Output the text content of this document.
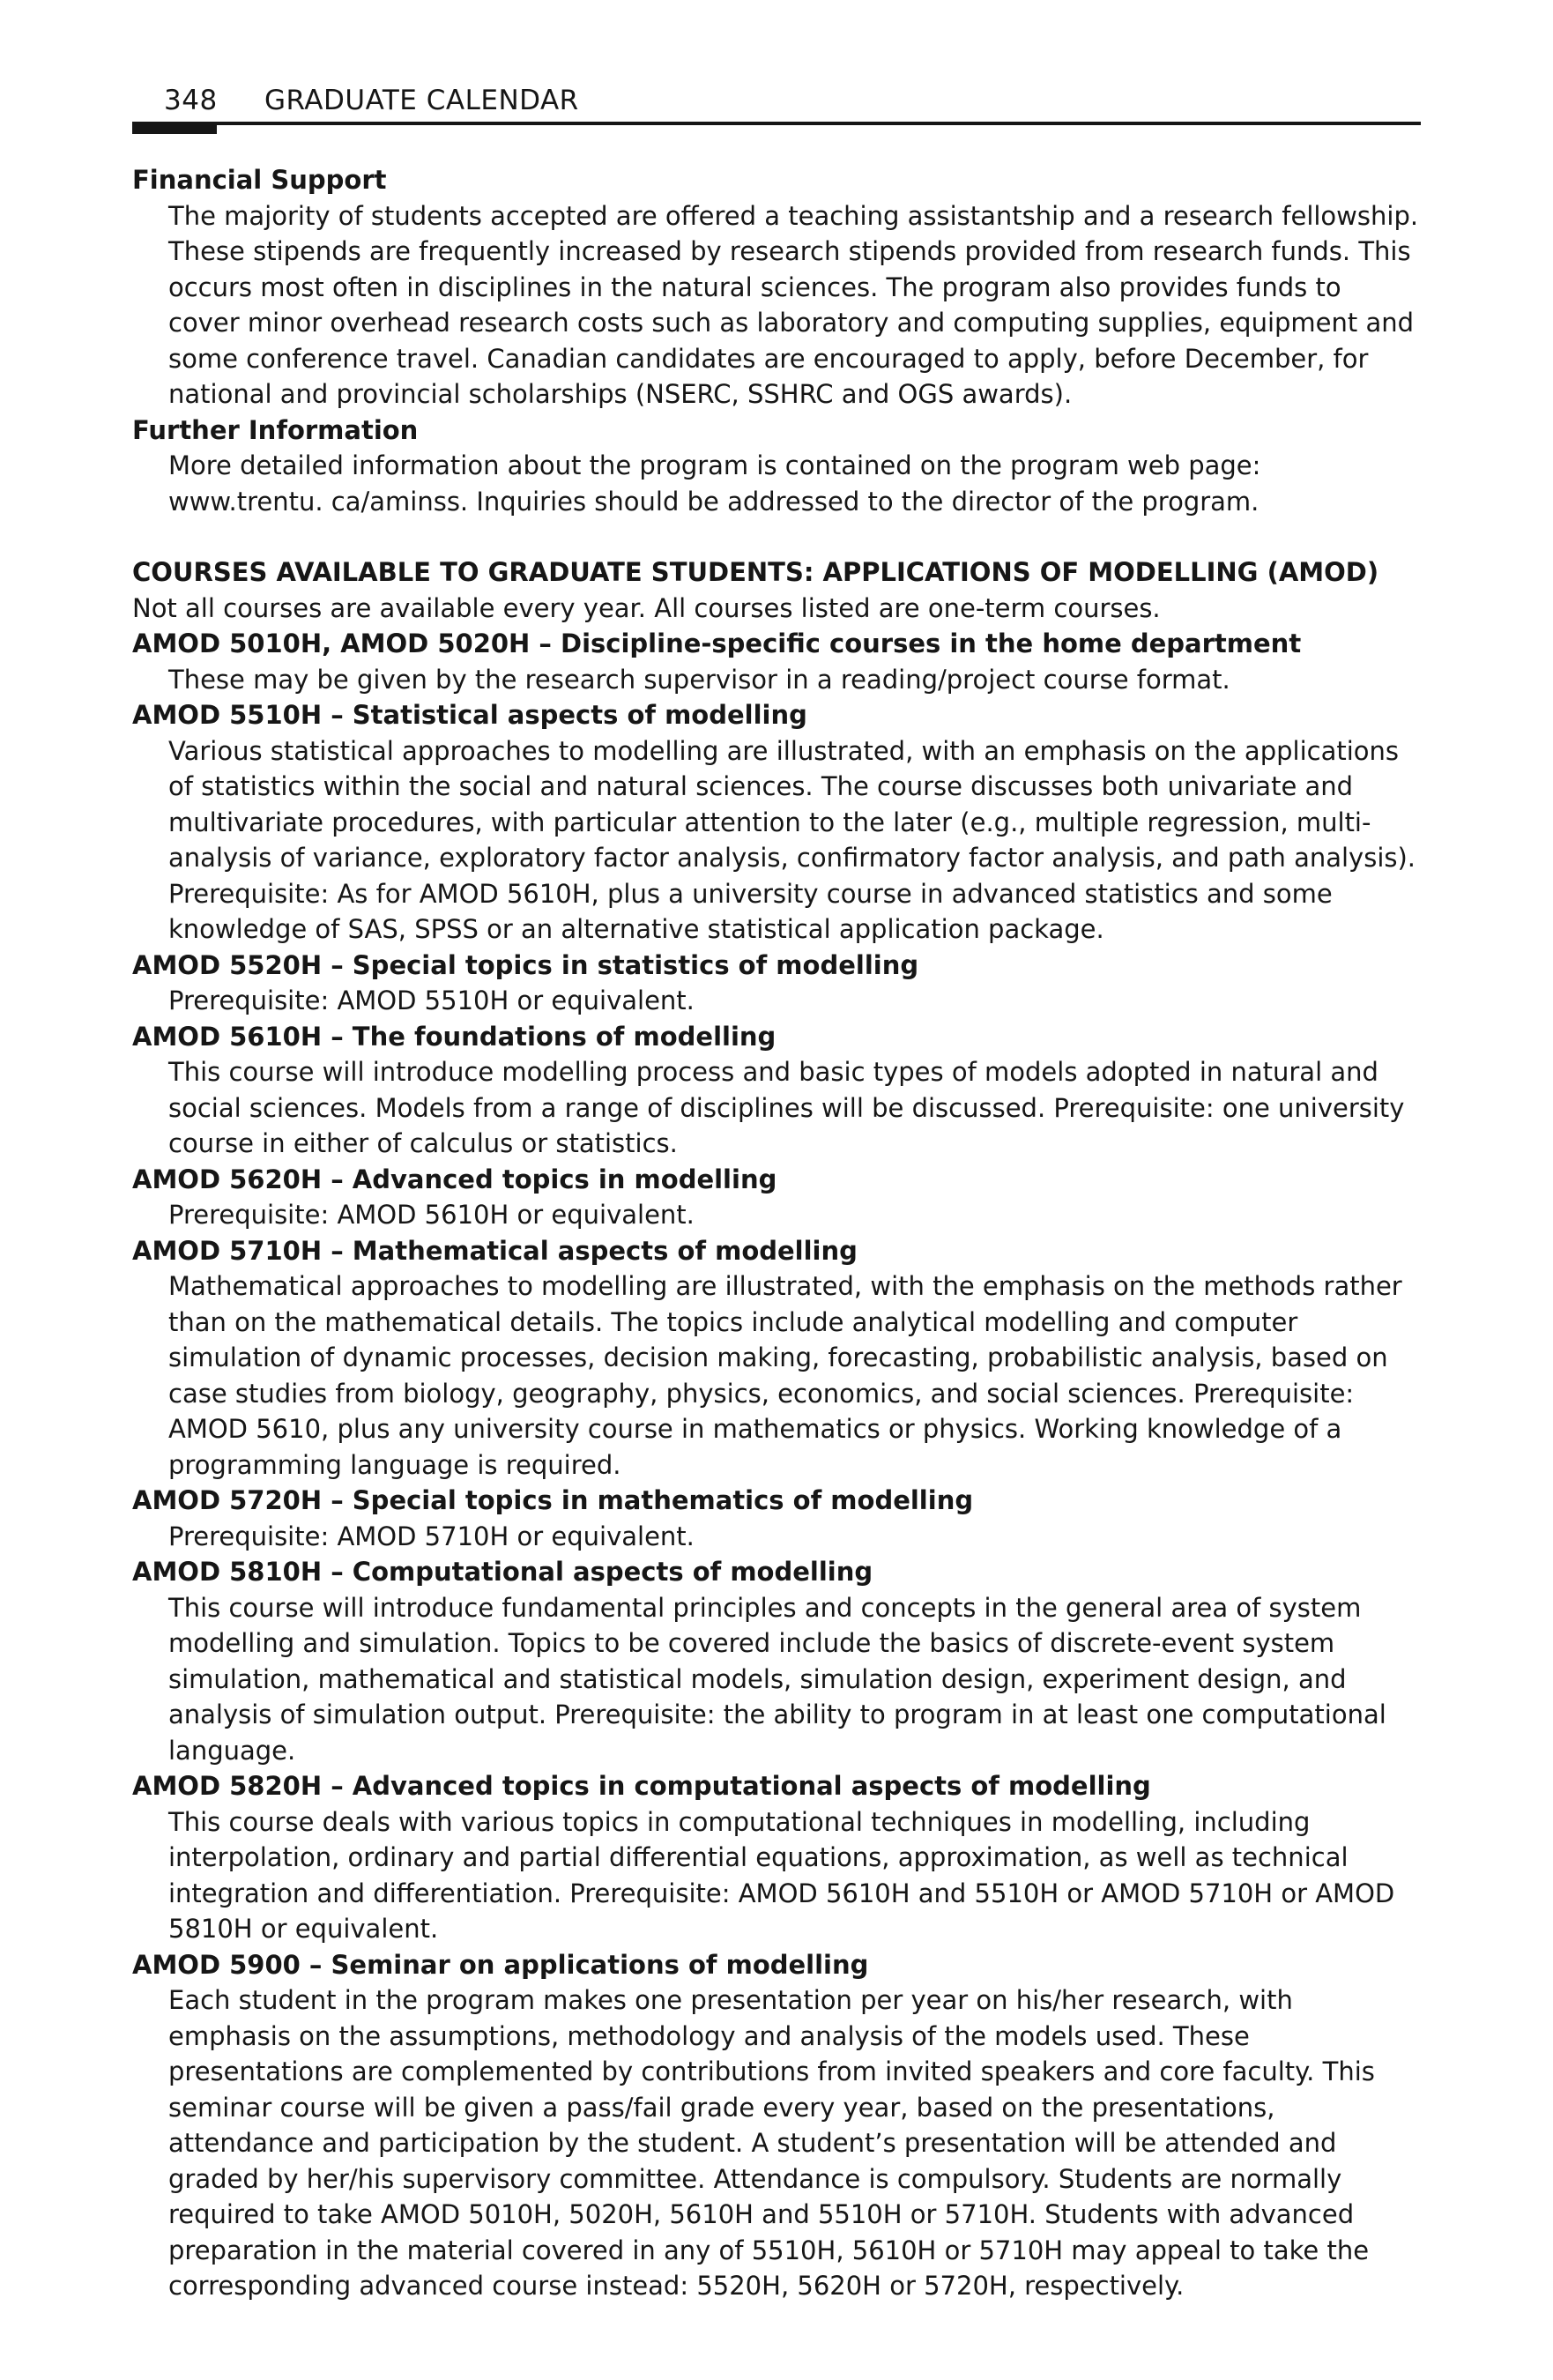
348 GRADUATE CALENDAR

Financial Support

The majority of students accepted are offered a teaching assistantship and a research fellowship. These stipends are frequently increased by research stipends provided from research funds. This occurs most often in disciplines in the natural sciences. The program also provides funds to cover minor overhead research costs such as laboratory and computing supplies, equipment and some conference travel. Canadian candidates are encouraged to apply, before December, for national and provincial scholarships (NSERC, SSHRC and OGS awards).

Further Information

More detailed information about the program is contained on the program web page: www.trentu. ca/aminss. Inquiries should be addressed to the director of the program.

COURSES AVAILABLE TO GRADUATE STUDENTS: APPLICATIONS OF MODELLING (AMOD)

Not all courses are available every year. All courses listed are one-term courses.

AMOD 5010H, AMOD 5020H – Discipline-specific courses in the home department

These may be given by the research supervisor in a reading/project course format.

AMOD 5510H – Statistical aspects of modelling

Various statistical approaches to modelling are illustrated, with an emphasis on the applications of statistics within the social and natural sciences. The course discusses both univariate and multivariate procedures, with particular attention to the later (e.g., multiple regression, multi-analysis of variance, exploratory factor analysis, confirmatory factor analysis, and path analysis). Prerequisite: As for AMOD 5610H, plus a university course in advanced statistics and some knowledge of SAS, SPSS or an alternative statistical application package.

AMOD 5520H – Special topics in statistics of modelling

Prerequisite: AMOD 5510H or equivalent.

AMOD 5610H – The foundations of modelling

This course will introduce modelling process and basic types of models adopted in natural and social sciences. Models from a range of disciplines will be discussed. Prerequisite: one university course in either of calculus or statistics.

AMOD 5620H – Advanced topics in modelling

Prerequisite: AMOD 5610H or equivalent.

AMOD 5710H – Mathematical aspects of modelling

Mathematical approaches to modelling are illustrated, with the emphasis on the methods rather than on the mathematical details. The topics include analytical modelling and computer simulation of dynamic processes, decision making, forecasting, probabilistic analysis, based on case studies from biology, geography, physics, economics, and social sciences. Prerequisite: AMOD 5610, plus any university course in mathematics or physics. Working knowledge of a programming language is required.

AMOD 5720H – Special topics in mathematics of modelling

Prerequisite: AMOD 5710H or equivalent.

AMOD 5810H – Computational aspects of modelling

This course will introduce fundamental principles and concepts in the general area of system modelling and simulation. Topics to be covered include the basics of discrete-event system simulation, mathematical and statistical models, simulation design, experiment design, and analysis of simulation output. Prerequisite: the ability to program in at least one computational language.

AMOD 5820H – Advanced topics in computational aspects of modelling

This course deals with various topics in computational techniques in modelling, including interpolation, ordinary and partial differential equations, approximation, as well as technical integration and differentiation. Prerequisite: AMOD 5610H and 5510H or AMOD 5710H or AMOD 5810H or equivalent.

AMOD 5900 – Seminar on applications of modelling

Each student in the program makes one presentation per year on his/her research, with emphasis on the assumptions, methodology and analysis of the models used. These presentations are complemented by contributions from invited speakers and core faculty. This seminar course will be given a pass/fail grade every year, based on the presentations, attendance and participation by the student. A student’s presentation will be attended and graded by her/his supervisory committee. Attendance is compulsory. Students are normally required to take AMOD 5010H, 5020H, 5610H and 5510H or 5710H. Students with advanced preparation in the material covered in any of 5510H, 5610H or 5710H may appeal to take the corresponding advanced course instead: 5520H, 5620H or 5720H, respectively.
